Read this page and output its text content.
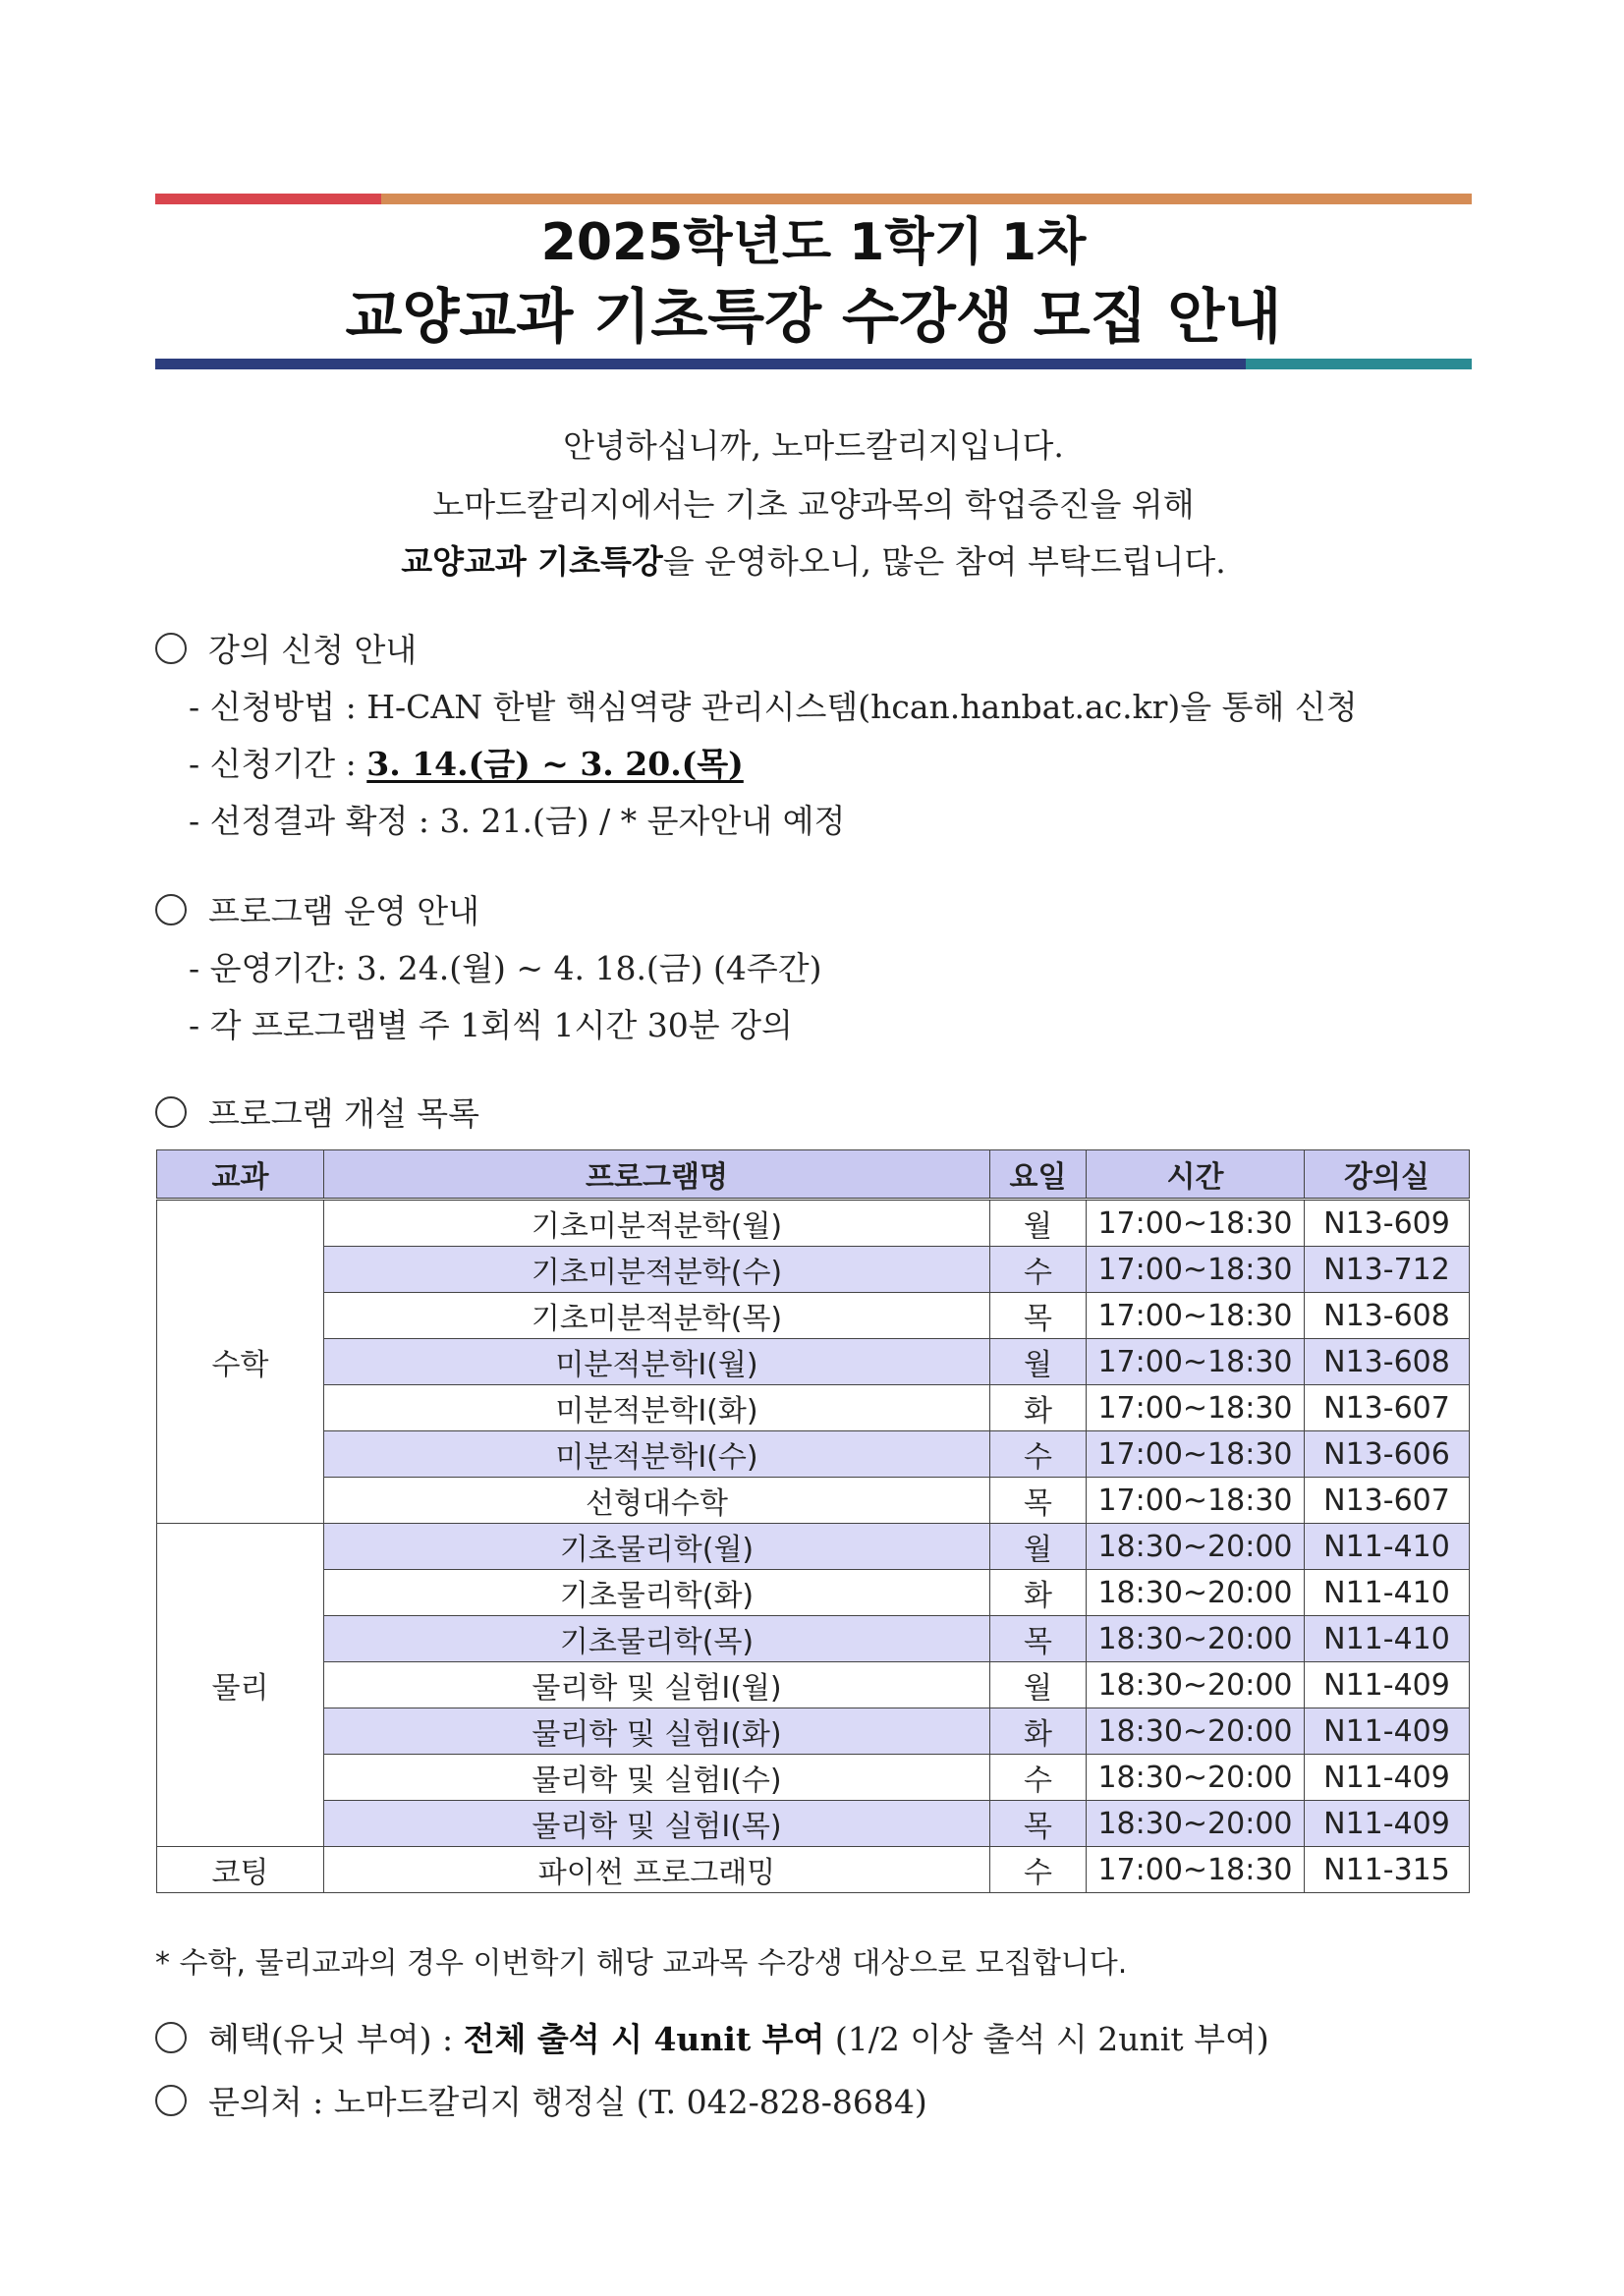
2025학년도 1학기 1차
교양교과 기초특강 수강생 모집 안내
안녕하십니까, 노마드칼리지입니다.
노마드칼리지에서는 기초 교양과목의 학업증진을 위해
교양교과 기초특강을 운영하오니, 많은 참여 부탁드립니다.
강의 신청 안내
- 신청방법 : H-CAN 한밭 핵심역량 관리시스템(hcan.hanbat.ac.kr)을 통해 신청
- 신청기간 : 3. 14.(금) ~ 3. 20.(목)
- 선정결과 확정 : 3. 21.(금) / * 문자안내 예정
프로그램 운영 안내
- 운영기간: 3. 24.(월) ~ 4. 18.(금) (4주간)
- 각 프로그램별 주 1회씩 1시간 30분 강의
프로그램 개설 목록
교과	프로그램명	요일	시간	강의실
수학	기초미분적분학(월)	월	17:00~18:30	N13-609
	기초미분적분학(수)	수	17:00~18:30	N13-712
	기초미분적분학(목)	목	17:00~18:30	N13-608
	미분적분학Ⅰ(월)	월	17:00~18:30	N13-608
	미분적분학Ⅰ(화)	화	17:00~18:30	N13-607
	미분적분학Ⅰ(수)	수	17:00~18:30	N13-606
	선형대수학	목	17:00~18:30	N13-607
물리	기초물리학(월)	월	18:30~20:00	N11-410
	기초물리학(화)	화	18:30~20:00	N11-410
	기초물리학(목)	목	18:30~20:00	N11-410
	물리학 및 실험Ⅰ(월)	월	18:30~20:00	N11-409
	물리학 및 실험Ⅰ(화)	화	18:30~20:00	N11-409
	물리학 및 실험Ⅰ(수)	수	18:30~20:00	N11-409
	물리학 및 실험Ⅰ(목)	목	18:30~20:00	N11-409
코팅	파이썬 프로그래밍	수	17:00~18:30	N11-315
* 수학, 물리교과의 경우 이번학기 해당 교과목 수강생 대상으로 모집합니다.
혜택(유닛 부여) : 전체 출석 시 4unit 부여 (1/2 이상 출석 시 2unit 부여)
문의처 : 노마드칼리지 행정실 (T. 042-828-8684)
